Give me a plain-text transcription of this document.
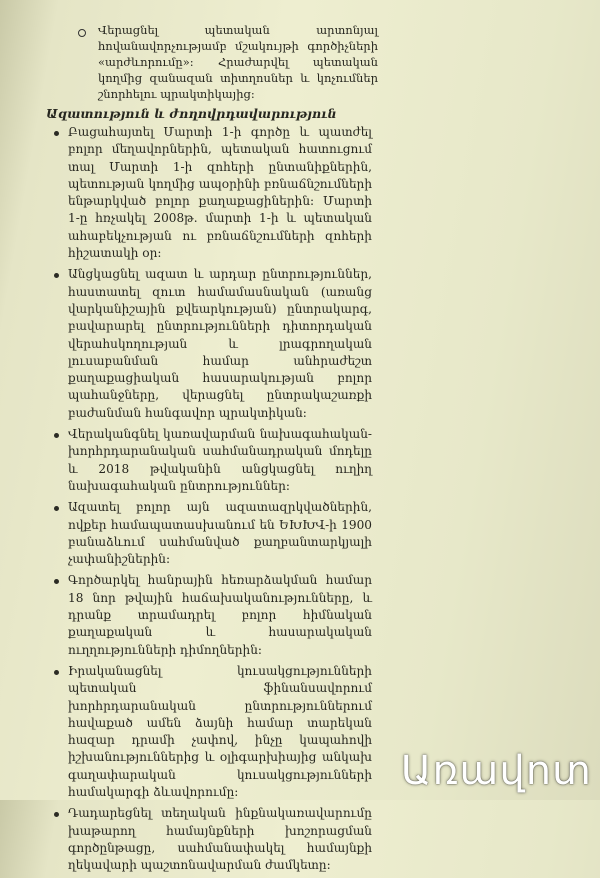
Վերացնել պետական արտոնյալ հովանավորչությամբ մշակույթի գործիչների «արժևորումը»: Հրաժարվել պետական կողմից զանազան տիտղոսներ և կոչումներ շնորհելու պրակտիկայից:
Ազատություն և ժողովրդավարություն
Բացահայտել Մարտի 1-ի գործը և պատժել բոլոր մեղավորներին, պետական հատուցում տալ Մարտի 1-ի զոհերի ընտանիքներին, պետության կողմից ապօրինի բռնաճնշումների ենթարկված բոլոր քաղաքացիներին: Մարտի 1-ը հռչակել 2008թ. մարտի 1-ի և պետական ահաբեկչության ու բռնաճնշումների զոհերի հիշատակի օր:
Անցկացնել ազատ և արդար ընտրություններ, հաստատել զուտ համամասնական (առանց վարկանիշային քվեարկության) ընտրակարգ, բավարարել ընտրությունների դիտորդական վերահսկողության և լրագրողական լուսաբանման համար անհրաժեշտ քաղաքացիական հասարակության բոլոր պահանջները, վերացնել ընտրակաշառքի բաժանման հանգավոր պրակտիկան:
Վերականգնել կառավարման նախագահական-խորհրդարանական սահմանադրական մոդելը և 2018 թվականին անցկացնել ուղիղ նախագահական ընտրություններ:
Ազատել բոլոր այն ազատազրկվածներին, ովքեր համապատասխանում են ԵԽԽՎ-ի 1900 բանաձևում սահմանված քաղբանտարկյալի չափանիշներին:
Գործարկել հանրային հեռարձակման համար 18 նոր թվային հաճախականությունները, և դրանք տրամադրել բոլոր հիմնական քաղաքական և հասարակական ուղղությունների դիմողներին:
Իրականացնել կուսակցությունների պետական ֆինանսավորում խորհրդարանական ընտրություններում հավաքած ամեն ձայնի համար տարեկան հազար դրամի չափով, ինչը կապահովի իշխանություններից և օլիգարխիայից անկախ գաղափարական կուսակցությունների համակարգի ձևավորումը:
Դադարեցնել տեղական ինքնակառավարումը խաթարող համայնքների խոշորացման գործընթացը, սահմանափակել համայնքի ղեկավարի պաշտոնավարման ժամկետը:
Առավոտ
